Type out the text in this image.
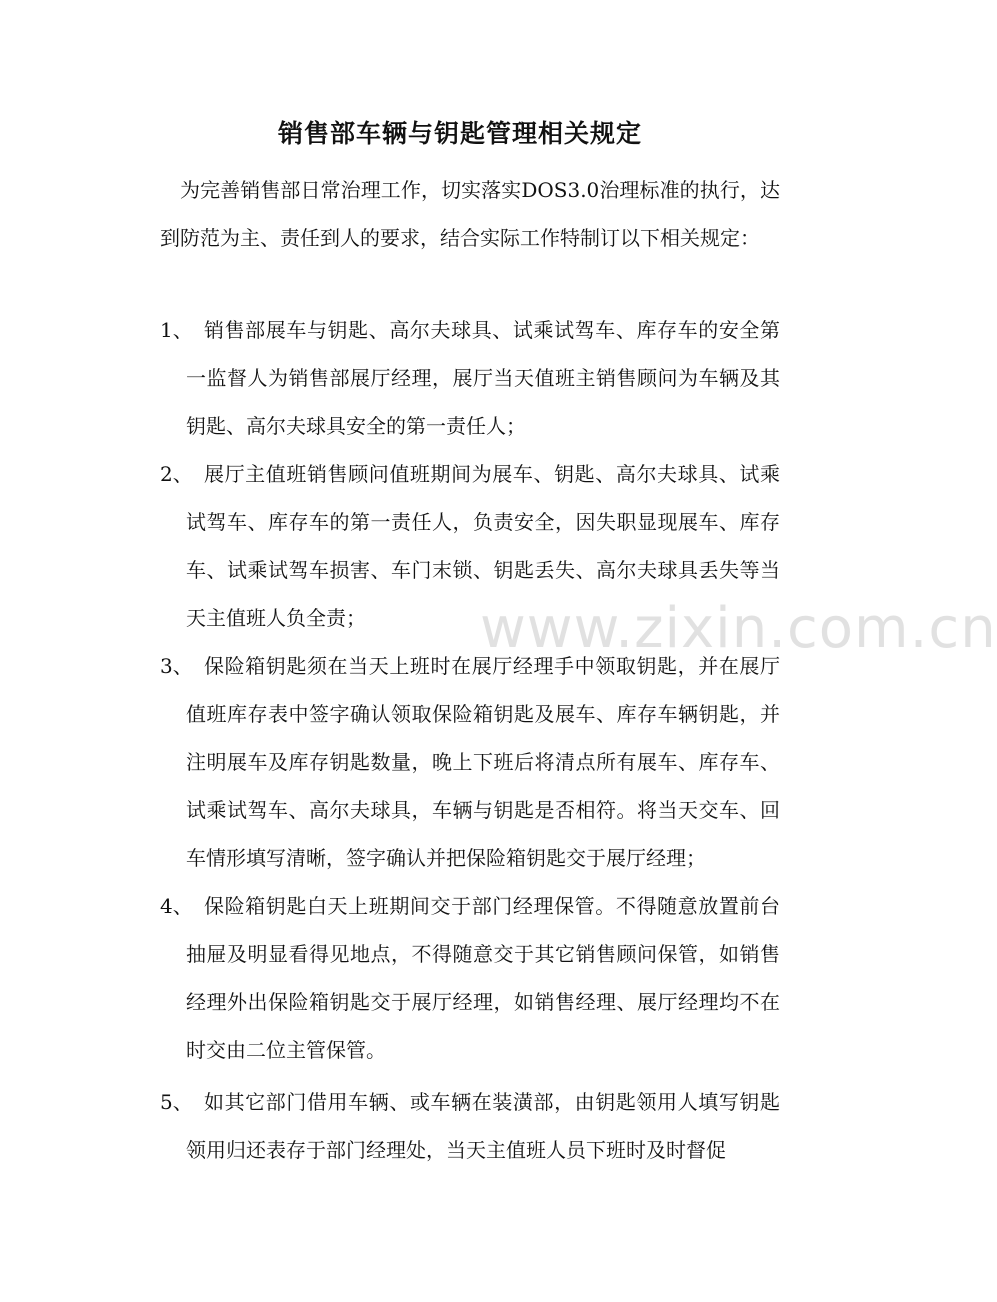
销售部车辆与钥匙管理相关规定
为完善销售部日常治理工作，切实落实DOS3.0治理标准的执行，达到防范为主、责任到人的要求，结合实际工作特制订以下相关规定：
1、 销售部展车与钥匙、高尔夫球具、试乘试驾车、库存车的安全第一监督人为销售部展厅经理，展厅当天值班主销售顾问为车辆及其钥匙、高尔夫球具安全的第一责任人；
2、 展厅主值班销售顾问值班期间为展车、钥匙、高尔夫球具、试乘试驾车、库存车的第一责任人，负责安全，因失职显现展车、库存车、试乘试驾车损害、车门末锁、钥匙丢失、高尔夫球具丢失等当天主值班人负全责；
3、 保险箱钥匙须在当天上班时在展厅经理手中领取钥匙，并在展厅值班库存表中签字确认领取保险箱钥匙及展车、库存车辆钥匙，并注明展车及库存钥匙数量，晚上下班后将清点所有展车、库存车、试乘试驾车、高尔夫球具，车辆与钥匙是否相符。将当天交车、回车情形填写清晰，签字确认并把保险箱钥匙交于展厅经理；
4、 保险箱钥匙白天上班期间交于部门经理保管。不得随意放置前台抽屉及明显看得见地点，不得随意交于其它销售顾问保管，如销售经理外出保险箱钥匙交于展厅经理，如销售经理、展厅经理均不在时交由二位主管保管。
5、 如其它部门借用车辆、或车辆在装潢部，由钥匙领用人填写钥匙领用归还表存于部门经理处，当天主值班人员下班时及时督促
www.zixin.com.cn
